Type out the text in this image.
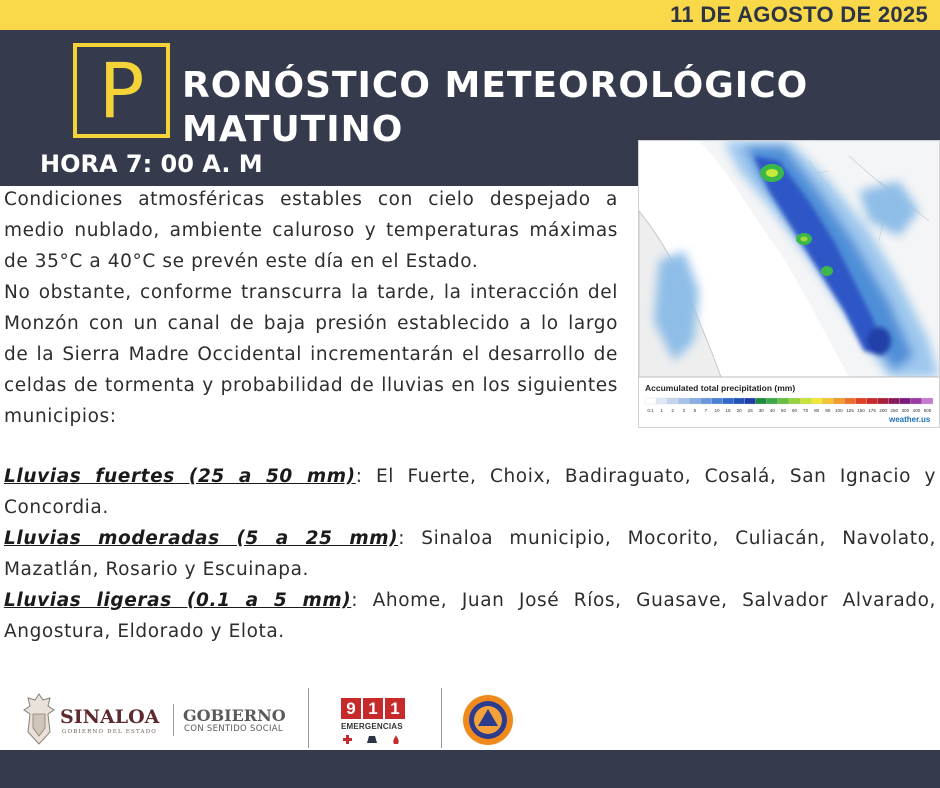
11 DE AGOSTO DE 2025
P	RONÓSTICO METEOROLÓGICO
MATUTINO
HORA 7: 00 A. M
Accumulated total precipitation (mm)
0.1 1 2 3 5 7 10 15 20 25 30 40 50 60 70 80 90 100 125 150 175 200 250 300 400 500
weather.us

Condiciones atmosféricas estables con cielo despejado a medio nublado, ambiente caluroso y temperaturas máximas de 35°C a 40°C se prevén este día en el Estado.

No obstante, conforme transcurra la tarde, la interacción del Monzón con un canal de baja presión establecido a lo largo de la Sierra Madre Occidental incrementarán el desarrollo de celdas de tormenta y probabilidad de lluvias en los siguientes municipios:

Lluvias fuertes (25 a 50 mm): El Fuerte, Choix, Badiraguato, Cosalá, San Ignacio y Concordia.
Lluvias moderadas (5 a 25 mm): Sinaloa municipio, Mocorito, Culiacán, Navolato, Mazatlán, Rosario y Escuinapa.
Lluvias ligeras (0.1 a 5 mm): Ahome, Juan José Ríos, Guasave, Salvador Alvarado, Angostura, Eldorado y Elota.
SINALOA
GOBIERNO DEL ESTADO
GOBIERNO
CON SENTIDO SOCIAL
9 1 1
EMERGENCIAS
